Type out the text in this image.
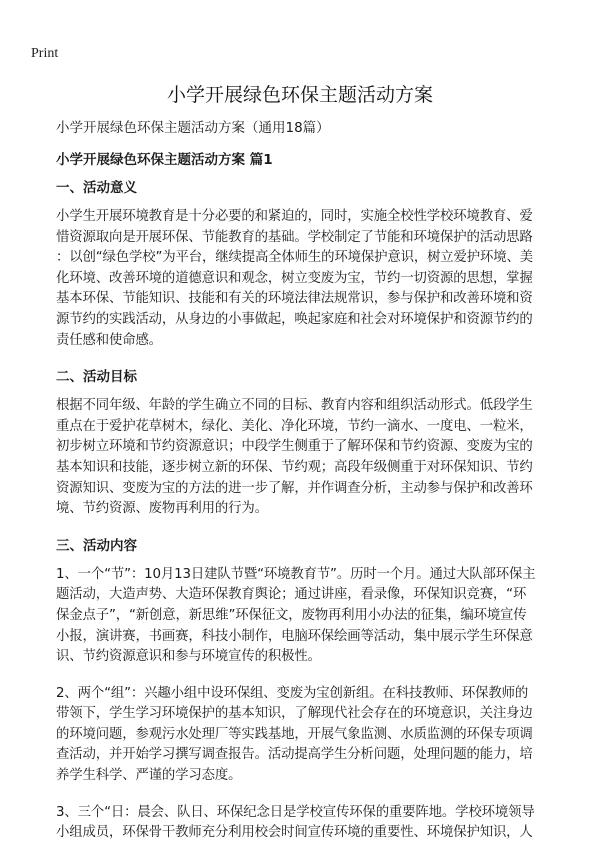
Print
小学开展绿色环保主题活动方案
小学开展绿色环保主题活动方案（通用18篇）
小学开展绿色环保主题活动方案 篇1
一、活动意义
小学生开展环境教育是十分必要的和紧迫的，同时，实施全校性学校环境教育、爱
惜资源取向是开展环保、节能教育的基础。学校制定了节能和环境保护的活动思路
：以创“绿色学校”为平台，继续提高全体师生的环境保护意识，树立爱护环境、美
化环境、改善环境的道德意识和观念，树立变废为宝，节约一切资源的思想，掌握
基本环保、节能知识、技能和有关的环境法律法规常识，参与保护和改善环境和资
源节约的实践活动，从身边的小事做起，唤起家庭和社会对环境保护和资源节约的
责任感和使命感。
二、活动目标
根据不同年级、年龄的学生确立不同的目标、教育内容和组织活动形式。低段学生
重点在于爱护花草树木，绿化、美化、净化环境，节约一滴水、一度电、一粒米，
初步树立环境和节约资源意识；中段学生侧重于了解环保和节约资源、变废为宝的
基本知识和技能，逐步树立新的环保、节约观；高段年级侧重于对环保知识、节约
资源知识、变废为宝的方法的进一步了解，并作调查分析，主动参与保护和改善环
境、节约资源、废物再利用的行为。
三、活动内容
1、一个“节”：10月13日建队节暨“环境教育节”。历时一个月。通过大队部环保主
题活动，大造声势、大造环保教育舆论；通过讲座，看录像，环保知识竞赛，“环
保金点子”，“新创意，新思维”环保征文，废物再利用小办法的征集，编环境宣传
小报，演讲赛，书画赛，科技小制作，电脑环保绘画等活动，集中展示学生环保意
识、节约资源意识和参与环境宣传的积极性。
2、两个“组”：兴趣小组中设环保组、变废为宝创新组。在科技教师、环保教师的
带领下，学生学习环境保护的基本知识，了解现代社会存在的环境意识，关注身边
的环境问题，参观污水处理厂等实践基地，开展气象监测、水质监测的环保专项调
查活动，并开始学习撰写调查报告。活动提高学生分析问题，处理问题的能力，培
养学生科学、严谨的学习态度。
3、三个“日：晨会、队日、环保纪念日是学校宣传环保的重要阵地。学校环境领导
小组成员，环保骨干教师充分利用校会时间宣传环境的重要性、环境保护知识，人
